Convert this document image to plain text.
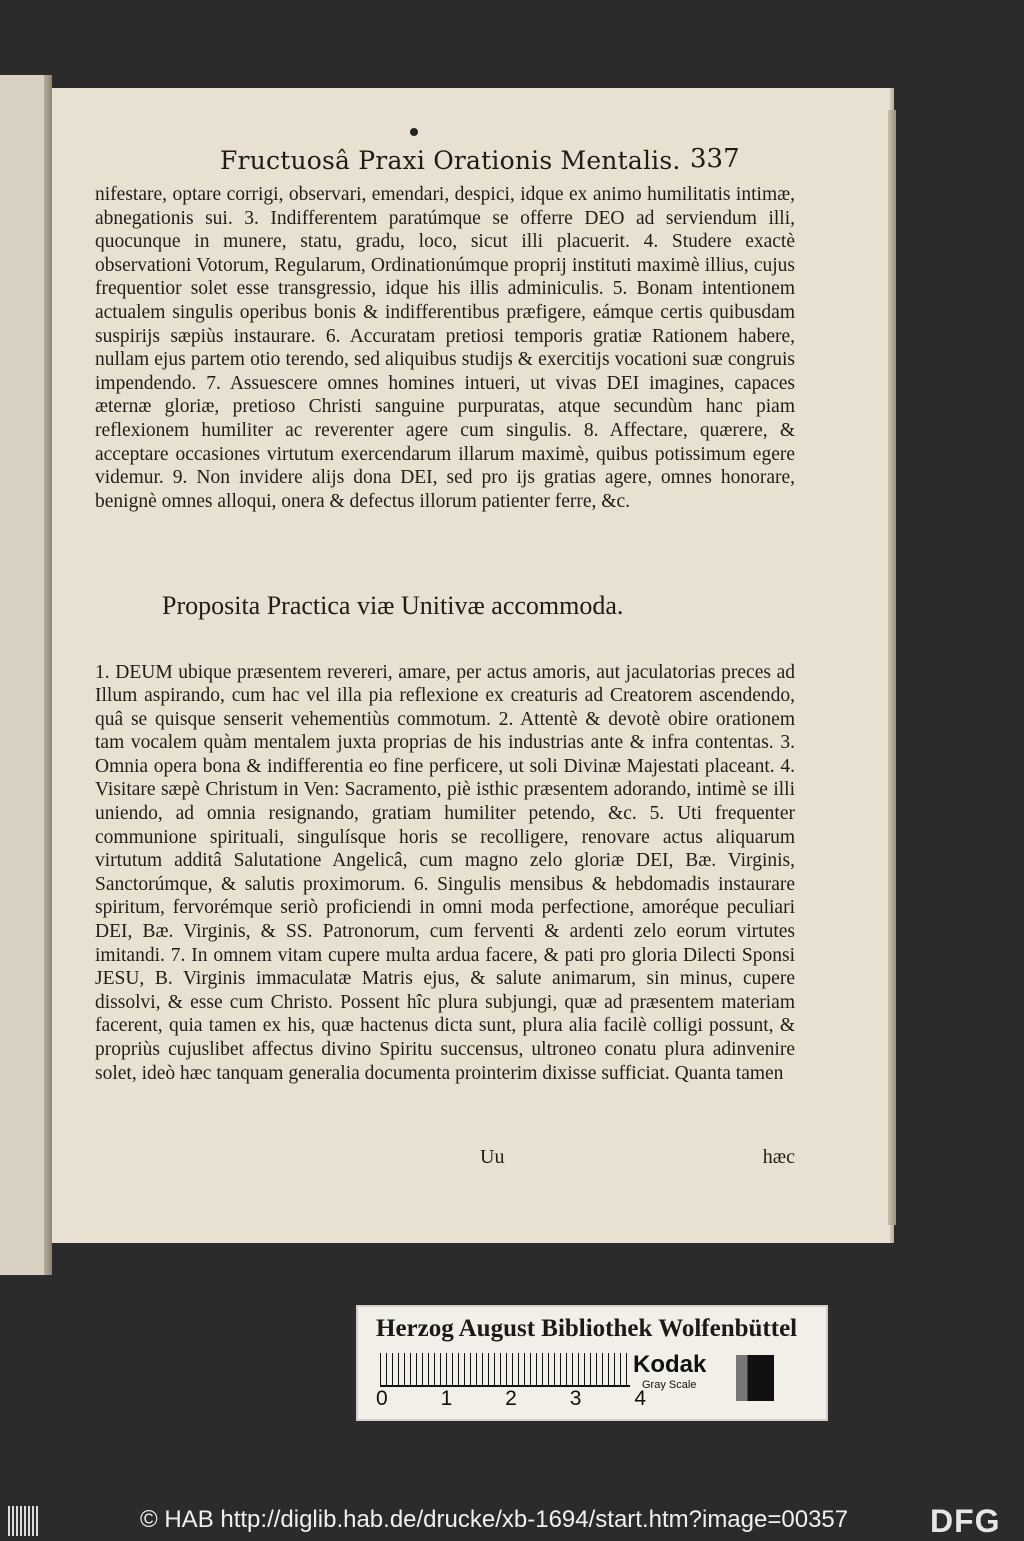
Fructuosâ Praxi Orationis Mentalis. 337

nifestare, optare corrigi, observari, emendari, despici, idque ex animo humilitatis intimæ, abnegationis sui. 3. Indifferentem paratúmque se offerre DEO ad serviendum illi, quocunque in munere, statu, gradu, loco, sicut illi placuerit. 4. Studere exactè observationi Votorum, Regularum, Ordinationúmque proprij instituti maximè illius, cujus frequentior solet esse transgressio, idque his illis adminiculis. 5. Bonam intentionem actualem singulis operibus bonis & indifferentibus præfigere, eámque certis quibusdam suspirijs sæpiùs instaurare. 6. Accuratam pretiosi temporis gratiæ Rationem habere, nullam ejus partem otio terendo, sed aliquibus studijs & exercitijs vocationi suæ congruis impendendo. 7. Assuescere omnes homines intueri, ut vivas DEI imagines, capaces æternæ gloriæ, pretioso Christi sanguine purpuratas, atque secundùm hanc piam reflexionem humiliter ac reverenter agere cum singulis. 8. Affectare, quærere, & acceptare occasiones virtutum exercendarum illarum maximè, quibus potissimum egere videmur. 9. Non invidere alijs dona DEI, sed pro ijs gratias agere, omnes honorare, benignè omnes alloqui, onera & defectus illorum patienter ferre, &c.

Proposita Practica viæ Unitivæ accommoda.

1. DEUM ubique præsentem revereri, amare, per actus amoris, aut jaculatorias preces ad Illum aspirando, cum hac vel illa pia reflexione ex creaturis ad Creatorem ascendendo, quâ se quisque senserit vehementiùs commotum. 2. Attentè & devotè obire orationem tam vocalem quàm mentalem juxta proprias de his industrias ante & infra contentas. 3. Omnia opera bona & indifferentia eo fine perficere, ut soli Divinæ Majestati placeant. 4. Visitare sæpè Christum in Ven: Sacramento, piè isthic præsentem adorando, intimè se illi uniendo, ad omnia resignando, gratiam humiliter petendo, &c. 5. Uti frequenter communione spirituali, singulísque horis se recolligere, renovare actus aliquarum virtutum additâ Salutatione Angelicâ, cum magno zelo gloriæ DEI, Bæ. Virginis, Sanctorúmque, & salutis proximorum. 6. Singulis mensibus & hebdomadis instaurare spiritum, fervorémque seriò proficiendi in omni moda perfectione, amoréque peculiari DEI, Bæ. Virginis, & SS. Patronorum, cum ferventi & ardenti zelo eorum virtutes imitandi. 7. In omnem vitam cupere multa ardua facere, & pati pro gloria Dilecti Sponsi JESU, B. Virginis immaculatæ Matris ejus, & salute animarum, sin minus, cupere dissolvi, & esse cum Christo. Possent hîc plura subjungi, quæ ad præsentem materiam facerent, quia tamen ex his, quæ hactenus dicta sunt, plura alia facilè colligi possunt, & propriùs cujuslibet affectus divino Spiritu succensus, ultroneo conatu plura adinvenire solet, ideò hæc tanquam generalia documenta prointerim dixisse sufficiat. Quanta tamen

Uu	hæc
Herzog August Bibliothek Wolfenbüttel
0	1	2	3	4
Kodak
Gray Scale
© HAB http://diglib.hab.de/drucke/xb-1694/start.htm?image=00357	DFG
